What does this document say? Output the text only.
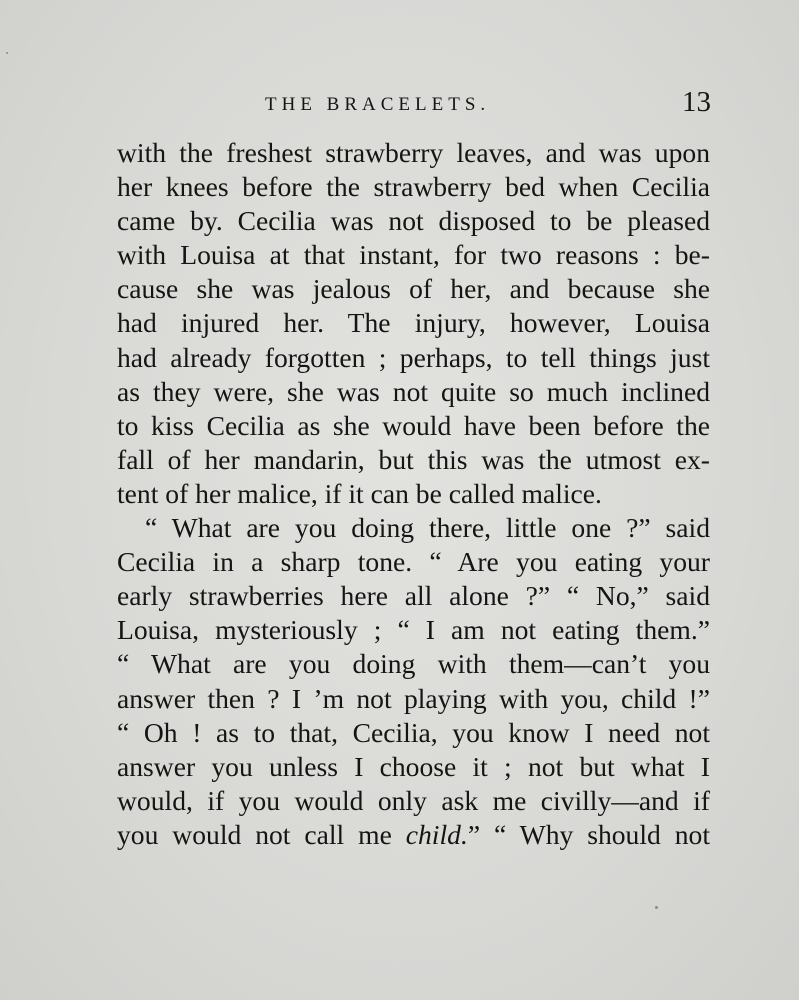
THE BRACELETS.	13
with the freshest strawberry leaves, and was upon
her knees before the strawberry bed when Cecilia
came by. Cecilia was not disposed to be pleased
with Louisa at that instant, for two reasons : be-
cause she was jealous of her, and because she
had injured her. The injury, however, Louisa
had already forgotten ; perhaps, to tell things just
as they were, she was not quite so much inclined
to kiss Cecilia as she would have been before the
fall of her mandarin, but this was the utmost ex-
tent of her malice, if it can be called malice.
“ What are you doing there, little one ?” said
Cecilia in a sharp tone. “ Are you eating your
early strawberries here all alone ?” “ No,” said
Louisa, mysteriously ; “ I am not eating them.”
“ What are you doing with them—can’t you
answer then ? I ’m not playing with you, child !”
“ Oh ! as to that, Cecilia, you know I need not
answer you unless I choose it ; not but what I
would, if you would only ask me civilly—and if
you would not call me child.” “ Why should not
